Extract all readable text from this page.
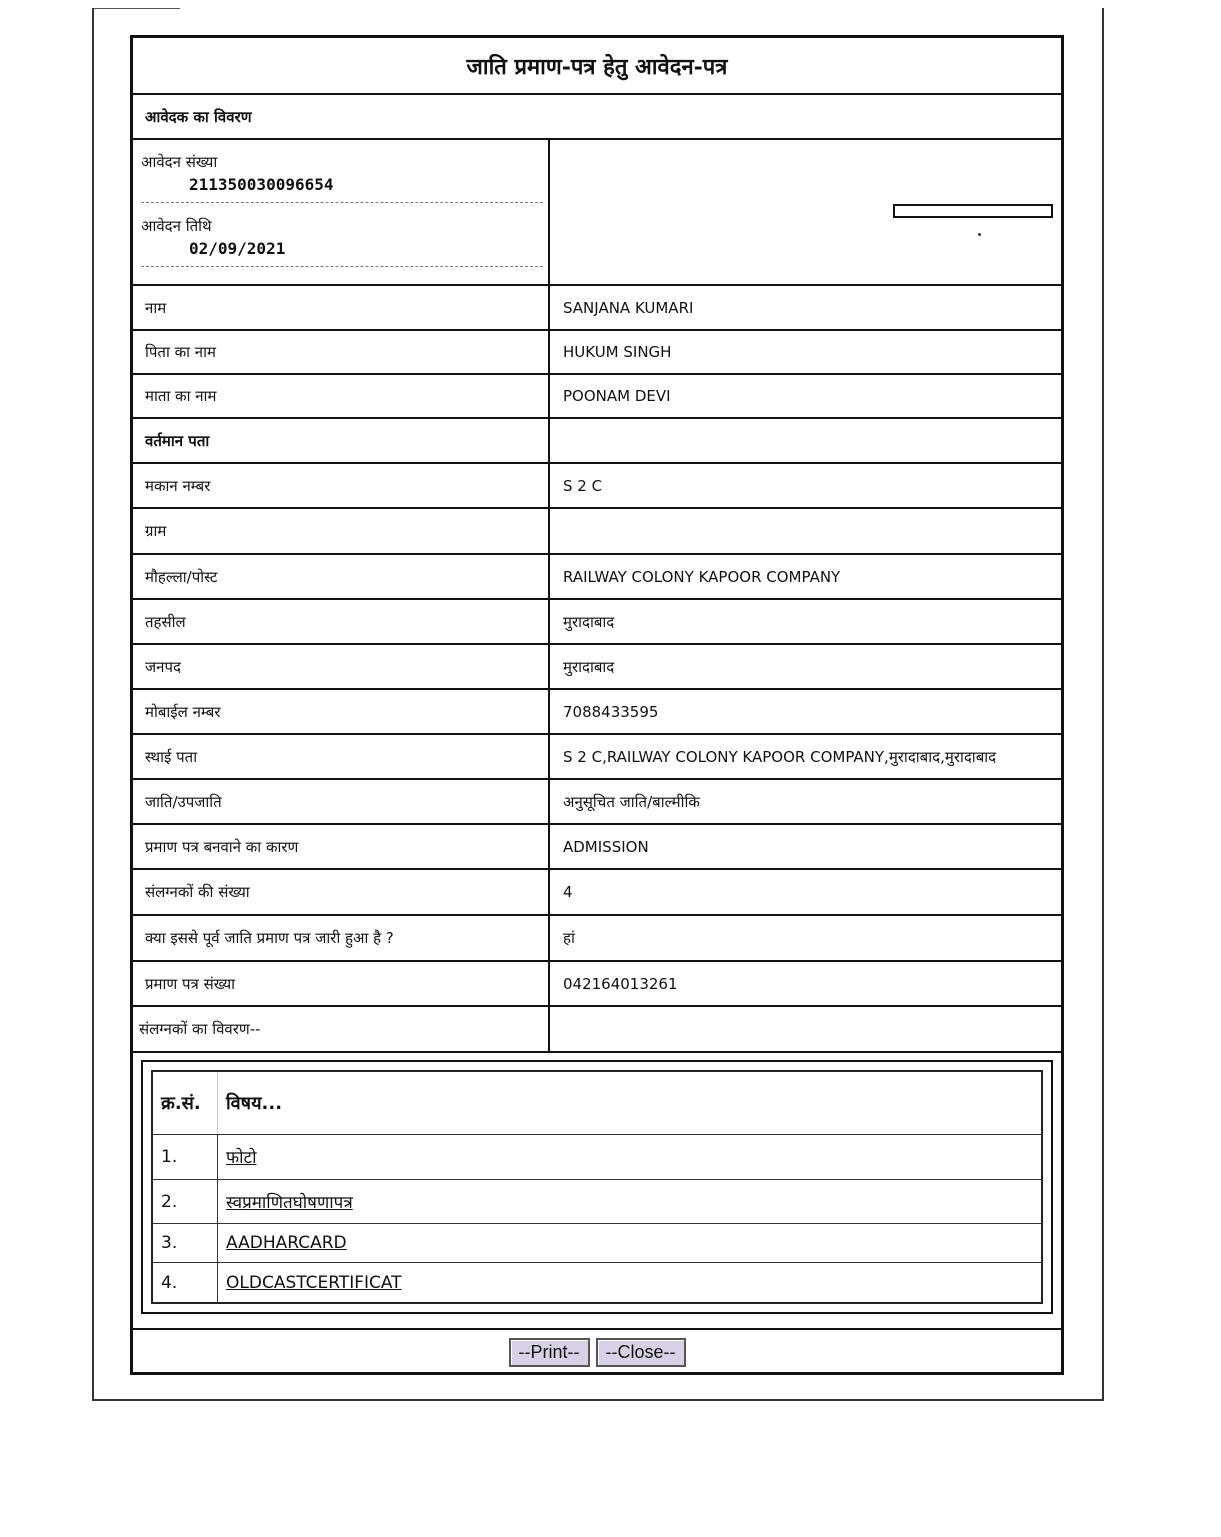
जाति प्रमाण-पत्र हेतु आवेदन-पत्र
आवेदक का विवरण
आवेदन संख्या
211350030096654
आवेदन तिथि
02/09/2021
नाम	SANJANA KUMARI
पिता का नाम	HUKUM SINGH
माता का नाम	POONAM DEVI
वर्तमान पता
मकान नम्बर	S 2 C
ग्राम
मौहल्ला/पोस्ट	RAILWAY COLONY KAPOOR COMPANY
तहसील	मुरादाबाद
जनपद	मुरादाबाद
मोबाईल नम्बर	7088433595
स्थाई पता	S 2 C,RAILWAY COLONY KAPOOR COMPANY,मुरादाबाद,मुरादाबाद
जाति/उपजाति	अनुसूचित जाति/बाल्मीकि
प्रमाण पत्र बनवाने का कारण	ADMISSION
संलग्नकों की संख्या	4
क्या इससे पूर्व जाति प्रमाण पत्र जारी हुआ है ?	हां
प्रमाण पत्र संख्या	042164013261
संलग्नकों का विवरण--
क्र.सं.	विषय...
1.	फोटो
2.	स्वप्रमाणितघोषणापत्र
3.	AADHARCARD
4.	OLDCASTCERTIFICAT
--Print--	--Close--
